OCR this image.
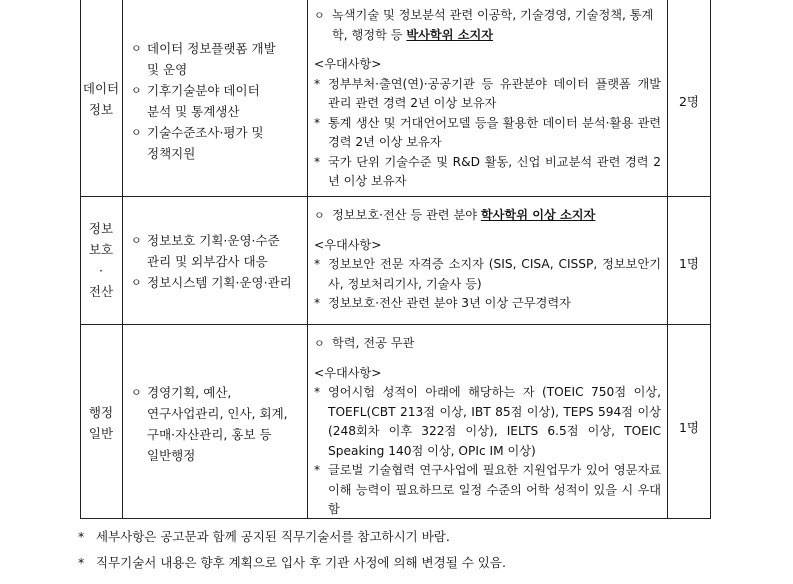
데이터
정보
ㅇ 데이터 정보플랫폼 개발
및 운영
ㅇ 기후기술분야 데이터
분석 및 통계생산
ㅇ 기술수준조사·평가 및
정책지원
ㅇ 녹색기술 및 정보분석 관련 이공학, 기술경영, 기술정책, 통계학, 행정학 등 박사학위 소지자
<우대사항>
* 정부부처·출연(연)·공공기관 등 유관분야 데이터 플랫폼 개발 관리 관련 경력 2년 이상 보유자
* 통계 생산 및 거대언어모델 등을 활용한 데이터 분석·활용 관련 경력 2년 이상 보유자
* 국가 단위 기술수준 및 R&D 활동, 신업 비교분석 관련 경력 2년 이상 보유자
2명
정보
보호
·
전산
ㅇ 정보보호 기획·운영·수준
관리 및 외부감사 대응
ㅇ 정보시스템 기획·운영·관리
ㅇ 정보보호·전산 등 관련 분야 학사학위 이상 소지자
<우대사항>
* 정보보안 전문 자격증 소지자 (SIS, CISA, CISSP, 정보보안기사, 정보처리기사, 기술사 등)
* 정보보호·전산 관련 분야 3년 이상 근무경력자
1명
행정
일반
ㅇ 경영기획, 예산,
연구사업관리, 인사, 회계,
구매·자산관리, 홍보 등
일반행정
ㅇ 학력, 전공 무관
<우대사항>
* 영어시험 성적이 아래에 해당하는 자 (TOEIC 750점 이상, TOEFL(CBT 213점 이상, IBT 85점 이상), TEPS 594점 이상(248회차 이후 322점 이상), IELTS 6.5점 이상, TOEIC Speaking 140점 이상, OPIc IM 이상)
* 글로벌 기술협력 연구사업에 필요한 지원업무가 있어 영문자료 이해 능력이 필요하므로 일정 수준의 어학 성적이 있을 시 우대함
1명
* 세부사항은 공고문과 함께 공지된 직무기술서를 참고하시기 바람.
* 직무기술서 내용은 향후 계획으로 입사 후 기관 사정에 의해 변경될 수 있음.
